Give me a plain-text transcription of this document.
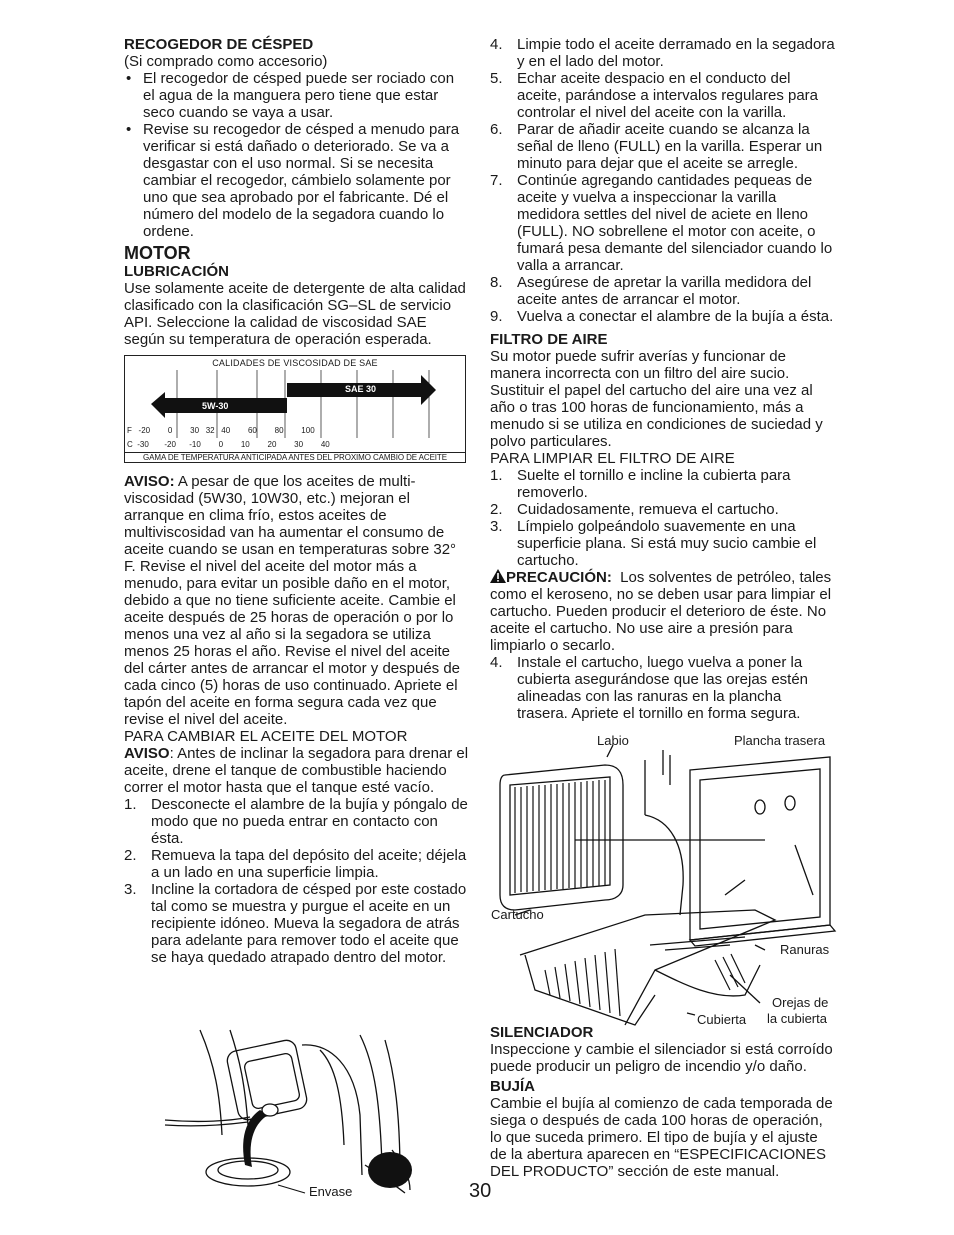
RECOGEDOR DE CÉSPED
(Si comprado como accesorio)
• El recogedor de césped puede ser rociado con el agua de la manguera pero tiene que estar seco cuando se vaya a usar.
• Revise su recogedor de césped a menudo para verificar si está dañado o deteriorado. Se va a desgastar con el uso normal. Si se necesita cambiar el recogedor, cámbielo solamente por uno que sea aprobado por el fabricante. Dé el número del modelo de la segadora cuando lo ordene.
MOTOR
LUBRICACIÓN
Use solamente aceite de detergente de alta calidad clasificado con la clasificación SG–SL de servicio API. Seleccione la calidad de viscosidad SAE según su temperatura de operación esperada.
CALIDADES DE VISCOSIDAD DE SAE
SAE 30
5W-30
F   -20        0        30   32   40        60        80        100
C  -30       -20      -10        0        10        20        30        40
GAMA DE TEMPERATURA ANTICIPADA ANTES DEL PROXIMO CAMBIO DE ACEITE
AVISO: A pesar de que los aceites de multi-viscosidad (5W30, 10W30, etc.) mejoran el arranque en clima frío, estos aceites de multiviscosidad van ha aumentar el consumo de aceite cuando se usan en temperaturas sobre 32° F. Revise el nivel del aceite del motor más a menudo, para evitar un posible daño en el motor, debido a que no tiene suficiente aceite. Cambie el aceite después de 25 horas de operación o por lo menos una vez al año si la segadora se utiliza menos 25 horas el año. Revise el nivel del aceite del cárter antes de arrancar el motor y después de cada cinco (5) horas de uso continuado. Apriete el tapón del aceite en forma segura cada vez que revise el nivel del aceite.
PARA CAMBIAR EL ACEITE DEL MOTOR
AVISO: Antes de inclinar la segadora para drenar el aceite, drene el tanque de combustible haciendo correr el motor hasta que el tanque esté vacío.
1. Desconecte el alambre de la bujía y póngalo de modo que no pueda entrar en contacto con ésta.
2. Remueva la tapa del depósito del aceite; déjela a un lado en una superficie limpia.
3. Incline la cortadora de césped por este costado tal como se muestra y purgue el aceite en un recipiente idóneo. Mueva la segadora de atrás para adelante para remover todo el aceite que se haya quedado atrapado dentro del motor.
Envase
4. Limpie todo el aceite derramado en la segadora y en el lado del motor.
5. Echar aceite despacio en el conducto del aceite, parándose a intervalos regulares para controlar el nivel del aceite con la varilla.
6. Parar de añadir aceite cuando se alcanza la señal de lleno (FULL) en la varilla. Esperar un minuto para dejar que el aceite se arregle.
7. Continúe agregando cantidades pequeas de aceite y vuelva a inspeccionar la varilla medidora settles del nivel de aciete en lleno (FULL). NO sobrellene el motor con aceite, o fumará pesa demante del silenciador cuando lo valla a arrancar.
8. Asegúrese de apretar la varilla medidora del aceite antes de arrancar el motor.
9. Vuelva a conectar el alambre de la bujía a ésta.
FILTRO DE AIRE
Su motor puede sufrir averías y funcionar de manera incorrecta con un filtro del aire sucio. Sustituir el papel del cartucho del aire una vez al año o tras 100 horas de funcionamiento, más a menudo si se utiliza en condiciones de suciedad y polvo particulares.
PARA LIMPIAR EL FILTRO DE AIRE
1. Suelte el tornillo e incline la cubierta para removerlo.
2. Cuidadosamente, remueva el cartucho.
3. Límpielo golpeándolo suavemente en una superficie plana. Si está muy sucio cambie el cartucho.
PRECAUCIÓN:  Los solventes de petróleo, tales como el keroseno, no se deben usar para limpiar el cartucho. Pueden producir el deterioro de éste. No aceite el cartucho. No use aire a presión para limpiarlo o secarlo.
4. Instale el cartucho, luego vuelva a poner la cubierta asegurándose que las orejas estén alineadas con las ranuras en la plancha trasera. Apriete el tornillo en forma segura.
Labio	Plancha trasera
Cartucho
Ranuras
Orejas de
la cubierta
Cubierta
SILENCIADOR
Inspeccione y cambie el silenciador si está corroído puede producir un peligro de incendio y/o daño.
BUJÍA
Cambie el bujía al comienzo de cada temporada de siega o después de cada 100 horas de operación, lo que suceda primero. El tipo de bujía y el ajuste de la abertura aparecen en “ESPECIFICACIONES DEL PRODUCTO” sección de este manual.
30
